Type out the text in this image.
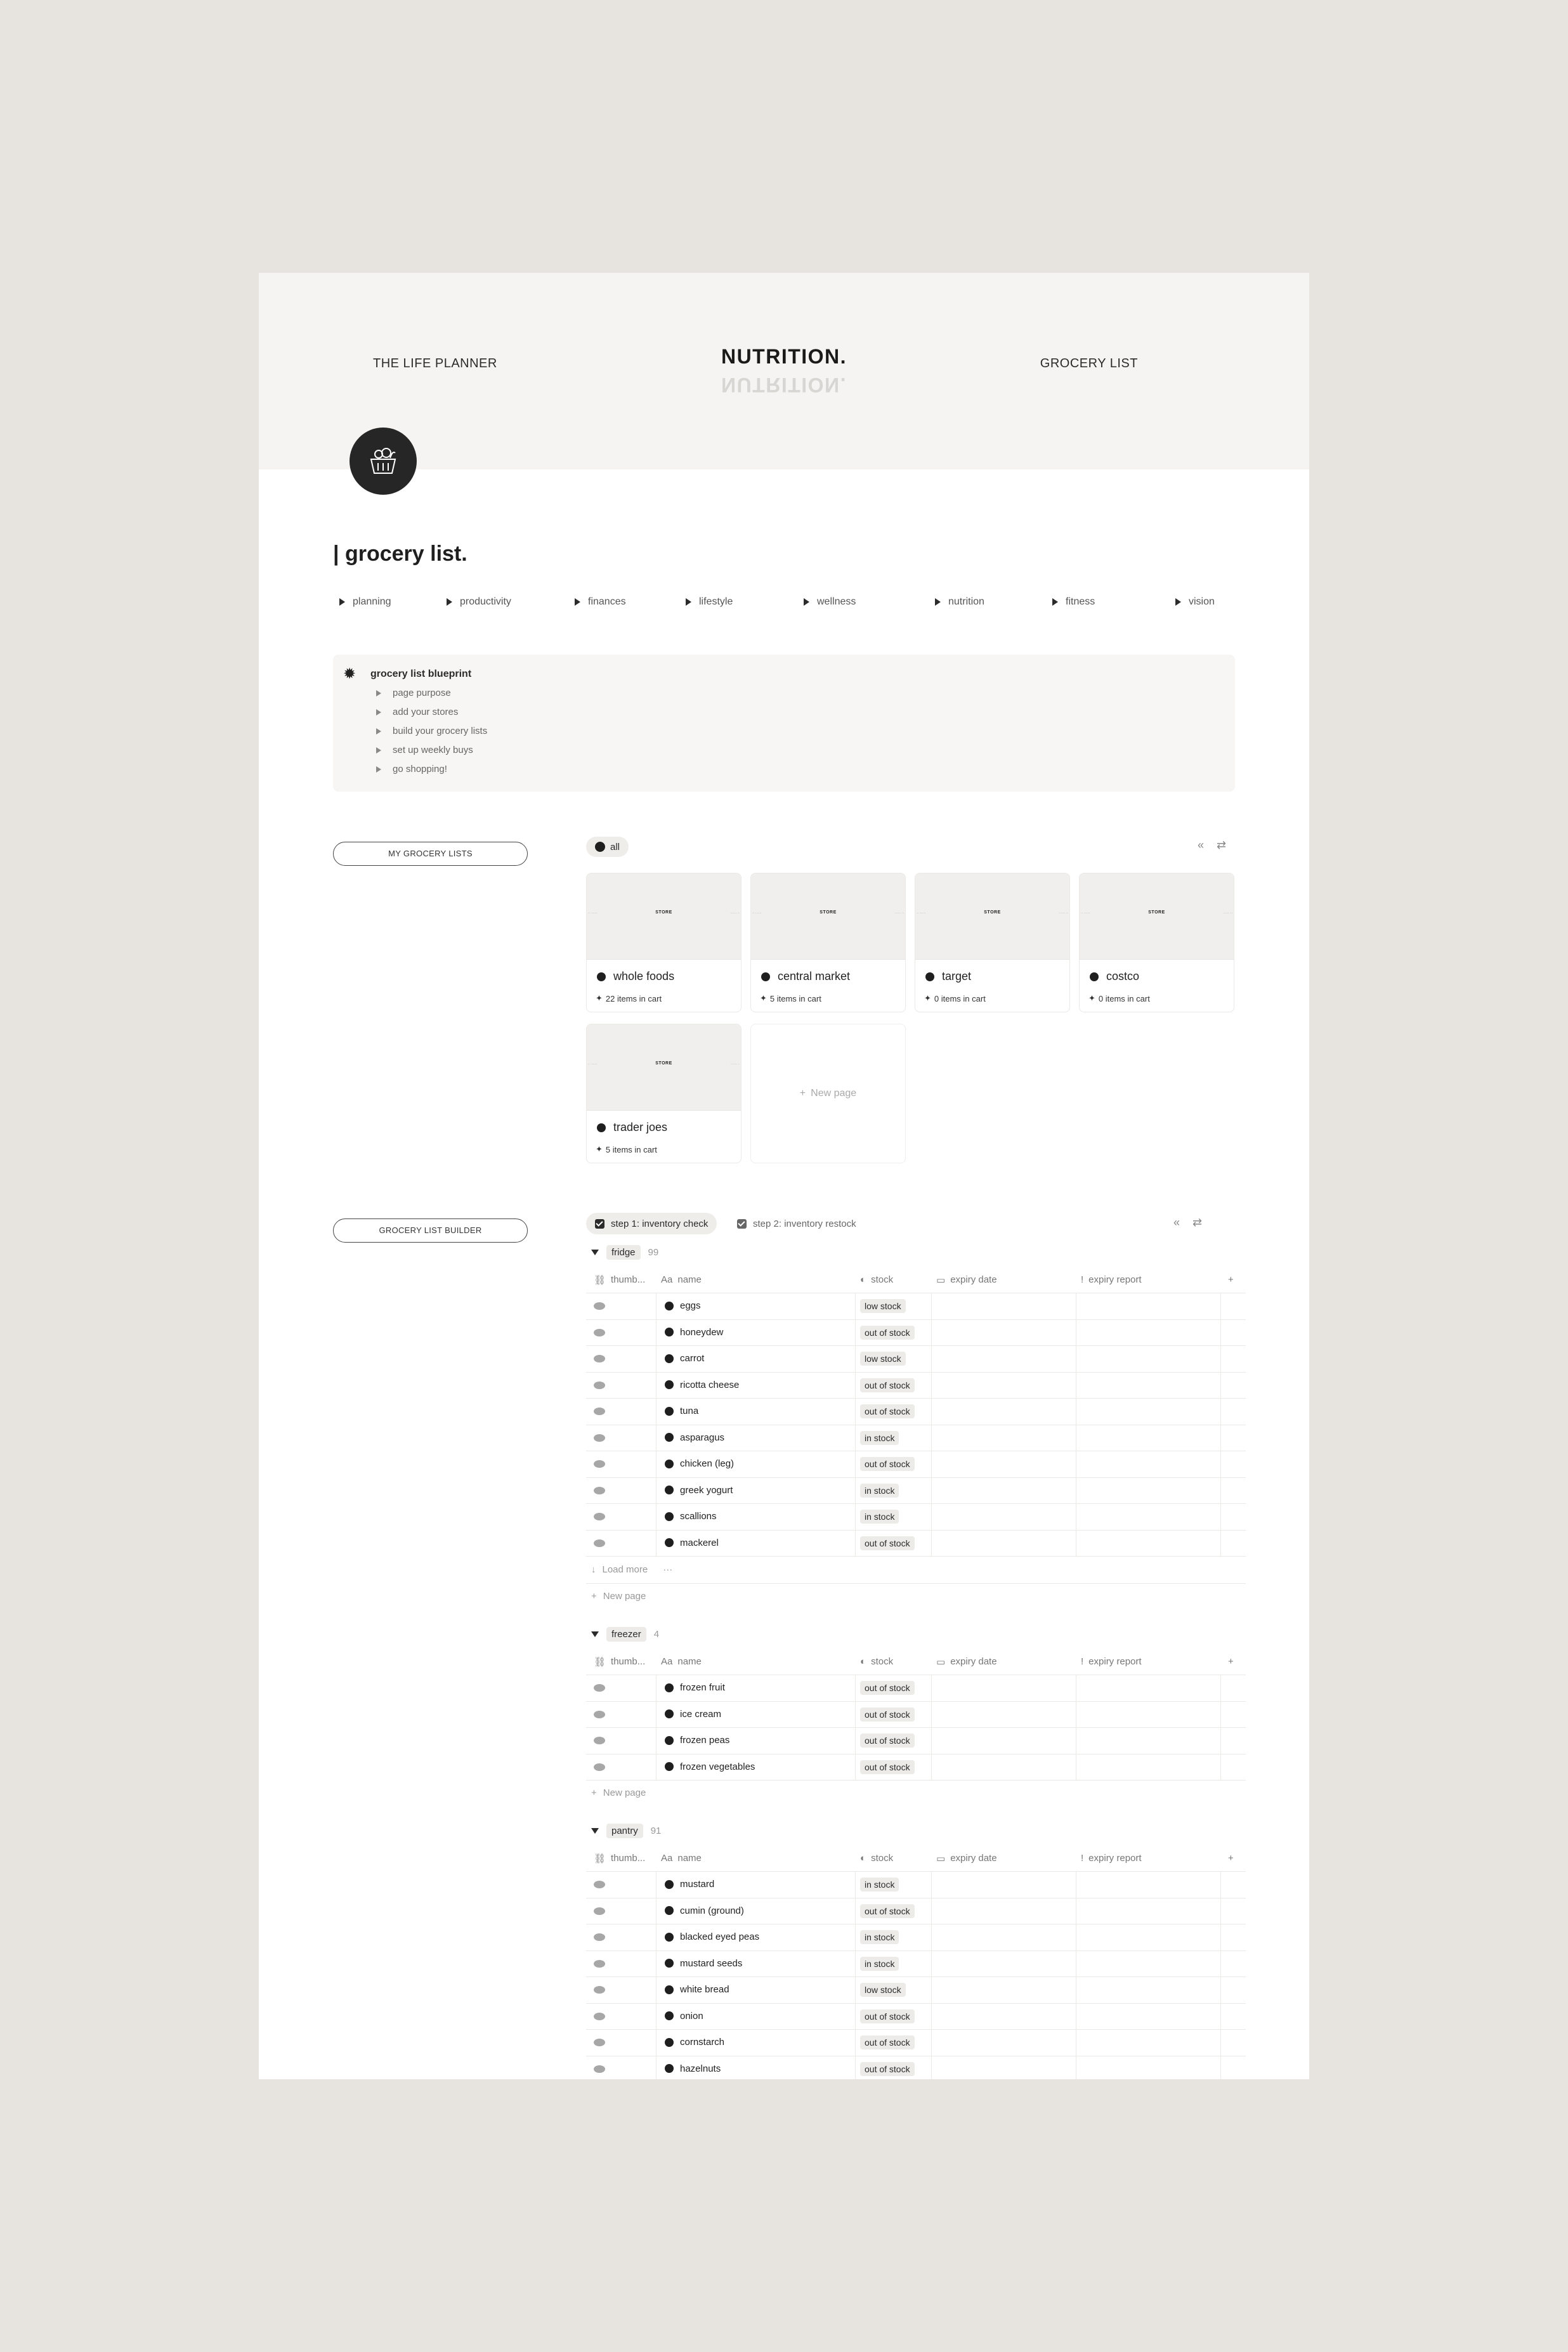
THE LIFE PLANNER	NUTRITION.
NUTRITION.
GROCERY LIST
| grocery list.
planning	productivity	finances	lifestyle	wellness	nutrition	fitness	vision
✹ grocery list blueprint
page purpose
add your stores
build your grocery lists
set up weekly buys
go shopping!
MY GROCERY LISTS
all	« ⇄
·· ······	STORE	······ ··
whole foods
✦ 22 items in cart
·· ······	STORE	······ ··
central market
✦ 5 items in cart
·· ······	STORE	······ ··
target
✦ 0 items in cart
·· ······	STORE	······ ··
costco
✦ 0 items in cart
·· ······	STORE	······ ··
trader joes
✦ 5 items in cart
+ New page
GROCERY LIST BUILDER
step 1: inventory check	step 2: inventory restock	« ⇄
fridge	99
⛓ thumb... Aa name	◐ stock	▭ expiry date	! expiry report	+
eggs	low stock
honeydew	out of stock
carrot	low stock
ricotta cheese	out of stock
tuna	out of stock
asparagus	in stock
chicken (leg)	out of stock
greek yogurt	in stock
scallions	in stock
mackerel	out of stock
↓ Load more ···
+ New page
freezer	4
⛓ thumb... Aa name	◐ stock	▭ expiry date	! expiry report	+
frozen fruit	out of stock
ice cream	out of stock
frozen peas	out of stock
frozen vegetables	out of stock
+ New page
pantry	91
⛓ thumb... Aa name	◐ stock	▭ expiry date	! expiry report	+
mustard	in stock
cumin (ground)	out of stock
blacked eyed peas	in stock
mustard seeds	in stock
white bread	low stock
onion	out of stock
cornstarch	out of stock
hazelnuts	out of stock
